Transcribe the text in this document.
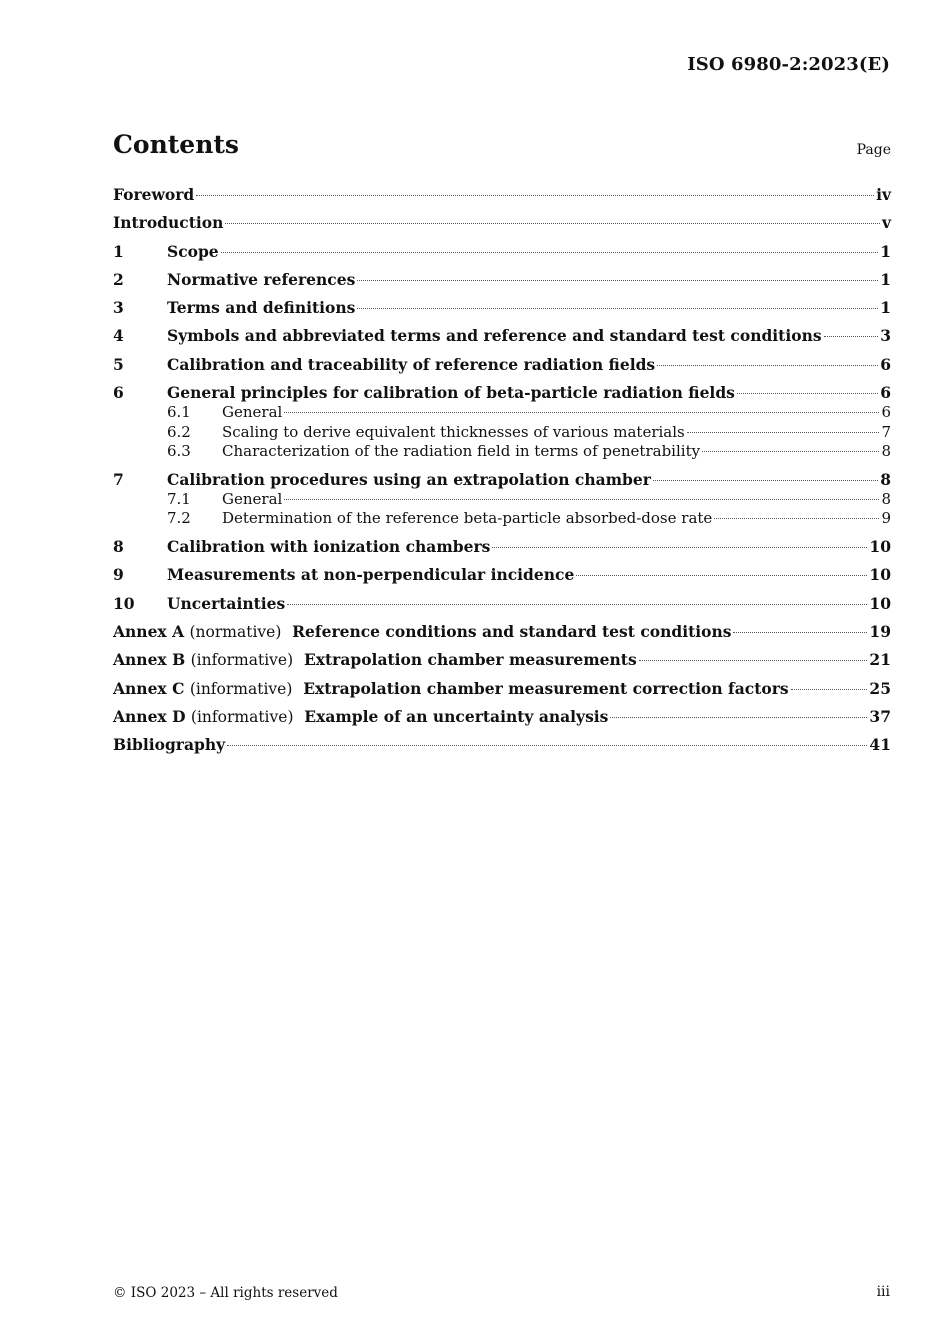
ISO 6980-2:2023(E)
Contents	Page
Foreword	iv
Introduction	v
1	Scope	1
2	Normative references	1
3	Terms and definitions	1
4	Symbols and abbreviated terms and reference and standard test conditions	3
5	Calibration and traceability of reference radiation fields	6
6	General principles for calibration of beta-particle radiation fields	6
6.1	General	6
6.2	Scaling to derive equivalent thicknesses of various materials	7
6.3	Characterization of the radiation field in terms of penetrability	8
7	Calibration procedures using an extrapolation chamber	8
7.1	General	8
7.2	Determination of the reference beta-particle absorbed-dose rate	9
8	Calibration with ionization chambers	10
9	Measurements at non-perpendicular incidence	10
10	Uncertainties	10
Annex A (normative) Reference conditions and standard test conditions	19
Annex B (informative) Extrapolation chamber measurements	21
Annex C (informative) Extrapolation chamber measurement correction factors	25
Annex D (informative) Example of an uncertainty analysis	37
Bibliography	41
© ISO 2023 – All rights reserved	iii
